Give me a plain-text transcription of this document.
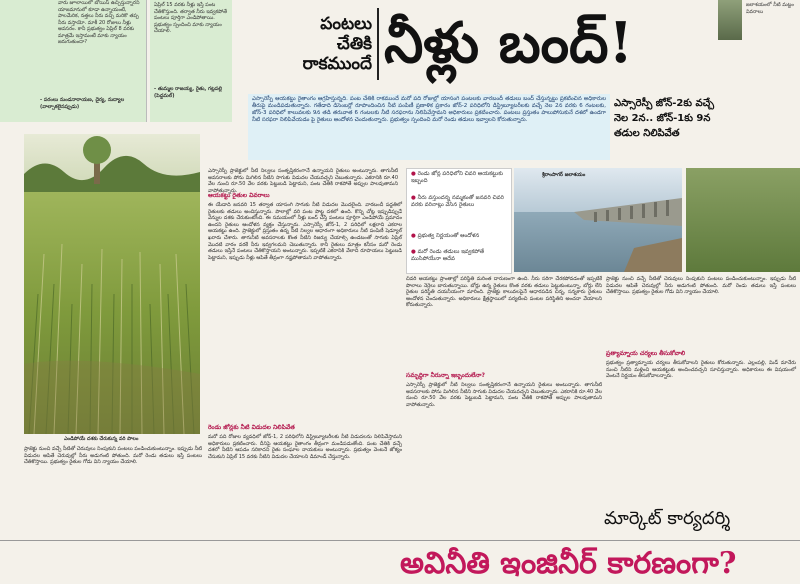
వారు జూలాయిలో బోయిస్ ఉచ్చిస్తున్నారని యాజమానులో కూడా ఉన్నాయంటే, పాలమేరిక, నత్తలు నీరు వచ్చి మరికొ తప్ప నీరు వస్తాయో. మాకీ 20 రోజులు నీళ్లు అవసరం. కానీ ప్రభుత్వం ఏప్రిల్ 8 వరకు మాత్రమే ఇస్తామంటే మాకు న్యాయం జరుగుతుందా?
- పరంలు నుండనారాయణ, దైర్య, నుద్యాల (వాల్సాకలైనప్పుడు)
ఎండిపోయే దశకు చేరుకున్న వరి పొలం
ఏప్రిల్ 15 వరకు నీళ్లు ఇస్తే పంట చేతికొస్తుంది. తర్వాత నీరు ఇవ్వకపోతే పంటలు పూర్తిగా ఎండిపోతాయి. ప్రభుత్వం స్పందించి మాకు న్యాయం చేయాలి.
- తుమ్మల రాజయ్య, రైతు, గట్లపల్లి (పెద్దమల్)
పంటలు
చేతికి
రాకముందే నీళ్లు బంద్!
జలాశయంలో నీటి మట్టం వివరాలు
ఎస్సారెస్పీ ఆయకట్టు రైతాంగం ఆగ్రహిస్తున్నది. పంట చేతికి రాకముందే మరో పది రోజుల్లో యాసంగి పంటలకు వారబందీ తడులు బంద్ చేస్తున్నట్టు ప్రకటించిన అధికారుల తీరుపై మండిపడుతున్నారు. గతేడాది డిసెంబర్లో రూపొందించిన నీటి పంపిణీ ప్రణాళిక ప్రకారం జోన్-2 పరిధిలోని డిస్ట్రిబ్యూటరీలకు వచ్చే నెల 2న వరకు 6 గంటలకు, జోన్-3 పరిధిలో కాలువలకు 9న తడి తరువాత 6 గంటలకు నీటి సరఫరాను నిలిపివేస్తామని అధికారులు ప్రకటించారు. పంటలు ప్రస్తుతం పాలుపోసుకునే దశలో ఉండగా నీటి సరఫరా నిలిపివేయడం పై రైతులు ఆందోళన చెందుతున్నారు. ప్రభుత్వం స్పందించి మరో రెండు తడులు ఇవ్వాలని కోరుతున్నారు.
ఎస్సారెస్పీ జోన్-2కు వచ్చే నెల 2న.. జోన్-1కు 9న తడుల నిలిపివేత
ఎస్సారెస్పీ ప్రాజెక్టులో నీటి నిల్వలు సంతృప్తికరంగానే ఉన్నాయని రైతులు అంటున్నారు. తాగునీటి అవసరాలకు పోను మిగిలిన నీటిని సాగుకు విడుదల చేయవచ్చని చెబుతున్నారు. ఎకరానికి రూ.40 వేల నుంచి రూ.50 వేల వరకు పెట్టుబడి పెట్టామని, పంట చేతికి రాకపోతే అప్పుల పాలవుతామని వాపోతున్నారు.
ఆయకట్టు రైతుల వివరాలు
ఈ యేడాది జనవరి 15 తర్వాత యాసంగి సాగుకు నీటి విడుదల మొదలైంది. వారబందీ పద్దతిలో రైతులకు తడులు అందిస్తున్నారు. పొలాల్లో వరి పంట పొట్ట దశలో ఉంది. కొన్ని చోట్ల ఇప్పుడిప్పుడే వెన్నుల దశకు చేరుకుంటోంది. ఈ సమయంలో నీళ్లు బంద్ చేస్తే పంటలు పూర్తిగా ఎండిపోయే ప్రమాదం ఉందని రైతులు ఆందోళన వ్యక్తం చేస్తున్నారు. ఎస్సారెస్పీ జోన్-1, 2 పరిధిలో లక్షలాది ఎకరాల ఆయకట్టు ఉంది. ప్రాజెక్టులో ప్రస్తుతం ఉన్న నీటి నిల్వల ఆధారంగా అధికారులు నీటి పంపిణీ షెడ్యూల్ ఖరారు చేశారు. తాగునీటి అవసరాలకు కొంత నీటిని రిజర్వు చేయాల్సి ఉండటంతో సాగుకు ఏప్రిల్ మొదటి వారం వరకే నీరు ఇవ్వగలమని చెబుతున్నారు. కానీ రైతులు మాత్రం కనీసం మరో రెండు తడులు ఇస్తేనే పంటలు చేతికొస్తాయని అంటున్నారు. ఇప్పటికే ఎకరానికి వేలాది రూపాయలు పెట్టుబడి పెట్టామని, ఇప్పుడు నీళ్లు ఆపితే తీవ్రంగా నష్టపోతామని వాపోతున్నారు.
రెండు జోన్లకు నీటి విడుదల నిలిపివేత
మరో పది రోజుల వ్యవధిలో జోన్-1, 2 పరిధిలోని డిస్ట్రిబ్యూటరీలకు నీటి విడుదలను నిలిపివేస్తామని అధికారులు ప్రకటించారు. దీనిపై ఆయకట్టు రైతాంగం తీవ్రంగా మండిపడుతోంది. పంట చేతికి వచ్చే దశలో నీటిని ఆపడం సరికాదని రైతు సంఘాల నాయకులు అంటున్నారు. ప్రభుత్వం వెంటనే జోక్యం చేసుకుని ఏప్రిల్ 15 వరకు నీటిని విడుదల చేయాలని డిమాండ్ చేస్తున్నారు.
ప్రాజెక్టు నుంచి వచ్చే నీటితో చెరువులు నింపుకుని పంటలు పండించుకుంటున్నాం. ఇప్పుడు నీటి విడుదల ఆపితే చెరువుల్లో నీరు అడుగంటి పోతుంది. మరో రెండు తడులు ఇస్తే పంటలు చేతికొస్తాయి. ప్రభుత్వం రైతుల గోడు విని న్యాయం చేయాలి.
● రెండు జోన్ల పరిధిలోని చివరి ఆయకట్టుకు ఇబ్బంది
● నీరు వస్తుందన్న నమ్మకంతో జనవరి చివరి వరకు వరినాట్లు వేసిన రైతులు
● ప్రభుత్వ నిర్ణయంతో ఆందోళన
● మరో రెండు తడులు ఇవ్వకపోతే ముసిపోయేనా ఆదేవ
శ్రీరాంసాగర్ జలాశయం
చివరి ఆయకట్టు ప్రాంతాల్లో పరిస్థితి మరింత దారుణంగా ఉంది. నీరు సరిగా చేరకపోవడంతో ఇప్పటికే పొలాలు నెర్రెలు బారుతున్నాయి. బోర్లు ఉన్న రైతులు కొంత వరకు తడులు పెట్టుకుంటున్నా, బోర్లు లేని రైతుల పరిస్థితి దయనీయంగా మారింది. ప్రాజెక్టు కాలువలపైనే ఆధారపడిన చిన్న, సన్నకారు రైతులు ఆందోళన చెందుతున్నారు. అధికారులు క్షేత్రస్థాయిలో పర్యటించి పంటల పరిస్థితిని అంచనా వేయాలని కోరుతున్నారు.
సమృద్ధిగా నీరున్నా ఇబ్బందులేనా?
ఎస్సారెస్పీ ప్రాజెక్టులో నీటి నిల్వలు సంతృప్తికరంగానే ఉన్నాయని రైతులు అంటున్నారు. తాగునీటి అవసరాలకు పోను మిగిలిన నీటిని సాగుకు విడుదల చేయవచ్చని చెబుతున్నారు. ఎకరానికి రూ.40 వేల నుంచి రూ.50 వేల వరకు పెట్టుబడి పెట్టామని, పంట చేతికి రాకపోతే అప్పుల పాలవుతామని వాపోతున్నారు.
ప్రాజెక్టు నుంచి వచ్చే నీటితో చెరువులు నింపుకుని పంటలు పండించుకుంటున్నాం. ఇప్పుడు నీటి విడుదల ఆపితే చెరువుల్లో నీరు అడుగంటి పోతుంది. మరో రెండు తడులు ఇస్తే పంటలు చేతికొస్తాయి. ప్రభుత్వం రైతుల గోడు విని న్యాయం చేయాలి.
ప్రత్యామ్నాయ చర్యలు తీసుకోవాలి
ప్రభుత్వం ప్రత్యామ్నాయ చర్యలు తీసుకోవాలని రైతులు కోరుతున్నారు. ఎల్లంపల్లి, మిడ్ మానేరు నుంచి నీటిని మళ్లించి ఆయకట్టుకు అందించవచ్చని సూచిస్తున్నారు. అధికారులు ఈ విషయంలో వెంటనే నిర్ణయం తీసుకోవాలన్నారు.
మార్కెట్ కార్యదర్శి
అవినీతి ఇంజినీర్ కారణంగా?
